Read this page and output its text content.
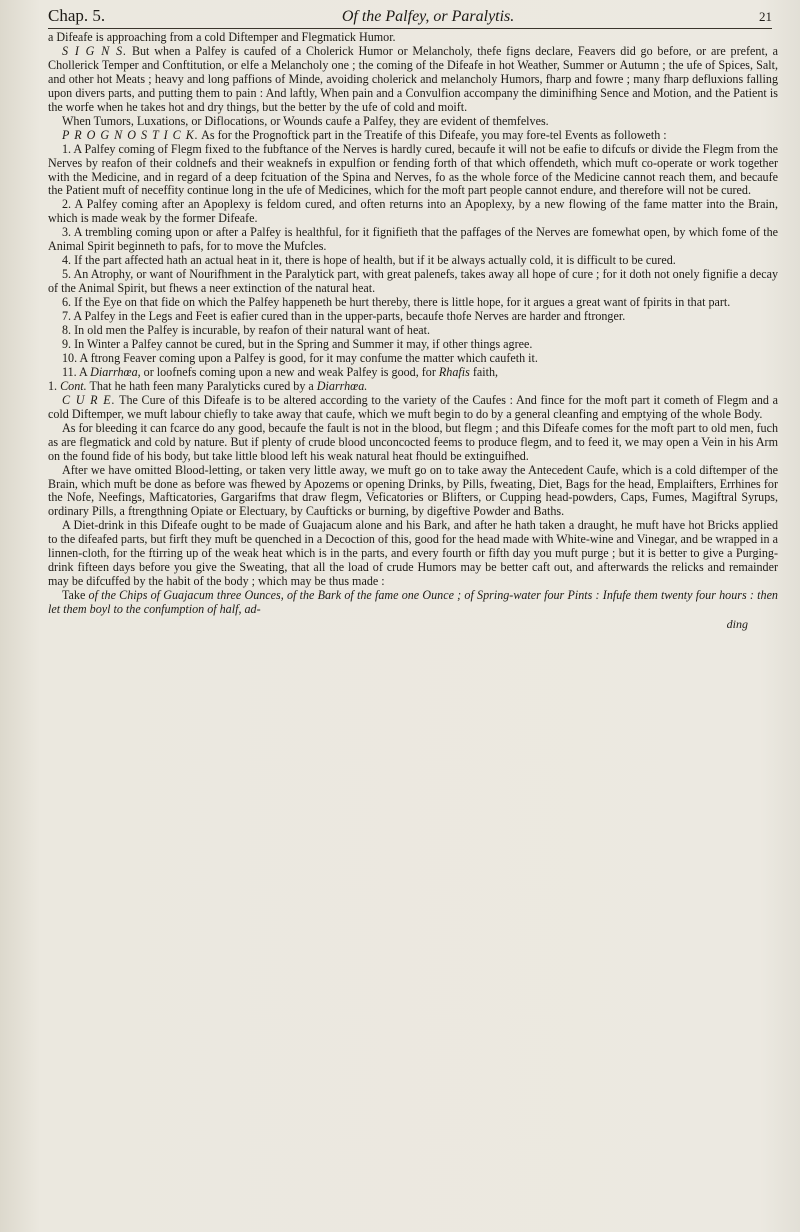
Chap. 5.	Of the Palfey, or Paralytis.	21

a Difeafe is approaching from a cold Diftemper and Flegmatick Humor.

S I G N S. But when a Palfey is caufed of a Cholerick Humor or Melancholy, thefe figns declare, Feavers did go before, or are prefent, a Chollerick Temper and Conftitution, or elfe a Melancholy one ; the coming of the Difeafe in hot Weather, Summer or Autumn ; the ufe of Spices, Salt, and other hot Meats ; heavy and long paffions of Minde, avoiding cholerick and melancholy Humors, fharp and fowre ; many fharp defluxions falling upon divers parts, and putting them to pain : And laftly, When pain and a Convulfion accompany the diminifhing Sence and Motion, and the Patient is the worfe when he takes hot and dry things, but the better by the ufe of cold and moift.

When Tumors, Luxations, or Diflocations, or Wounds caufe a Palfey, they are evident of themfelves.

P R O G N O S T I C K. As for the Prognoftick part in the Treatife of this Difeafe, you may fore-tel Events as followeth :

1. A Palfey coming of Flegm fixed to the fubftance of the Nerves is hardly cured, becaufe it will not be eafie to difcufs or divide the Flegm from the Nerves by reafon of their coldnefs and their weaknefs in expulfion or fending forth of that which offendeth, which muft co-operate or work together with the Medicine, and in regard of a deep fcituation of the Spina and Nerves, fo as the whole force of the Medicine cannot reach them, and becaufe the Patient muft of neceffity continue long in the ufe of Medicines, which for the moft part people cannot endure, and therefore will not be cured.

2. A Palfey coming after an Apoplexy is feldom cured, and often returns into an Apoplexy, by a new flowing of the fame matter into the Brain, which is made weak by the former Difeafe.

3. A trembling coming upon or after a Palfey is healthful, for it fignifieth that the paffages of the Nerves are fomewhat open, by which fome of the Animal Spirit beginneth to pafs, for to move the Mufcles.

4. If the part affected hath an actual heat in it, there is hope of health, but if it be always actually cold, it is difficult to be cured.

5. An Atrophy, or want of Nourifhment in the Paralytick part, with great palenefs, takes away all hope of cure ; for it doth not onely fignifie a decay of the Animal Spirit, but fhews a neer extinction of the natural heat.

6. If the Eye on that fide on which the Palfey happeneth be hurt thereby, there is little hope, for it argues a great want of fpirits in that part.

7. A Palfey in the Legs and Feet is eafier cured than in the upper-parts, becaufe thofe Nerves are harder and ftronger.

8. In old men the Palfey is incurable, by reafon of their natural want of heat.

9. In Winter a Palfey cannot be cured, but in the Spring and Summer it may, if other things agree.

10. A ftrong Feaver coming upon a Palfey is good, for it may confume the matter which caufeth it.

11. A Diarrhœa, or loofnefs coming upon a new and weak Palfey is good, for Rhafis faith,

1. Cont. That he hath feen many Paralyticks cured by a Diarrhœa.

C U R E. The Cure of this Difeafe is to be altered according to the variety of the Caufes : And fince for the moft part it cometh of Flegm and a cold Diftemper, we muft labour chiefly to take away that caufe, which we muft begin to do by a general cleanfing and emptying of the whole Body.

As for bleeding it can fcarce do any good, becaufe the fault is not in the blood, but flegm ; and this Difeafe comes for the moft part to old men, fuch as are flegmatick and cold by nature. But if plenty of crude blood unconcocted feems to produce flegm, and to feed it, we may open a Vein in his Arm on the found fide of his body, but take little blood left his weak natural heat fhould be extinguifhed.

After we have omitted Blood-letting, or taken very little away, we muft go on to take away the Antecedent Caufe, which is a cold diftemper of the Brain, which muft be done as before was fhewed by Apozems or opening Drinks, by Pills, fweating, Diet, Bags for the head, Emplaifters, Errhines for the Nofe, Neefings, Mafticatories, Gargarifms that draw flegm, Veficatories or Blifters, or Cupping head-powders, Caps, Fumes, Magiftral Syrups, ordinary Pills, a ftrengthning Opiate or Electuary, by Caufticks or burning, by digeftive Powder and Baths.

A Diet-drink in this Difeafe ought to be made of Guajacum alone and his Bark, and after he hath taken a draught, he muft have hot Bricks applied to the difeafed parts, but firft they muft be quenched in a Decoction of this, good for the head made with White-wine and Vinegar, and be wrapped in a linnen-cloth, for the ftirring up of the weak heat which is in the parts, and every fourth or fifth day you muft purge ; but it is better to give a Purging-drink fifteen days before you give the Sweating, that all the load of crude Humors may be better caft out, and afterwards the relicks and remainder may be difcuffed by the habit of the body ; which may be thus made :

Take of the Chips of Guajacum three Ounces, of the Bark of the fame one Ounce ; of Spring-water four Pints : Infufe them twenty four hours : then let them boyl to the confumption of half, ad-

ding
